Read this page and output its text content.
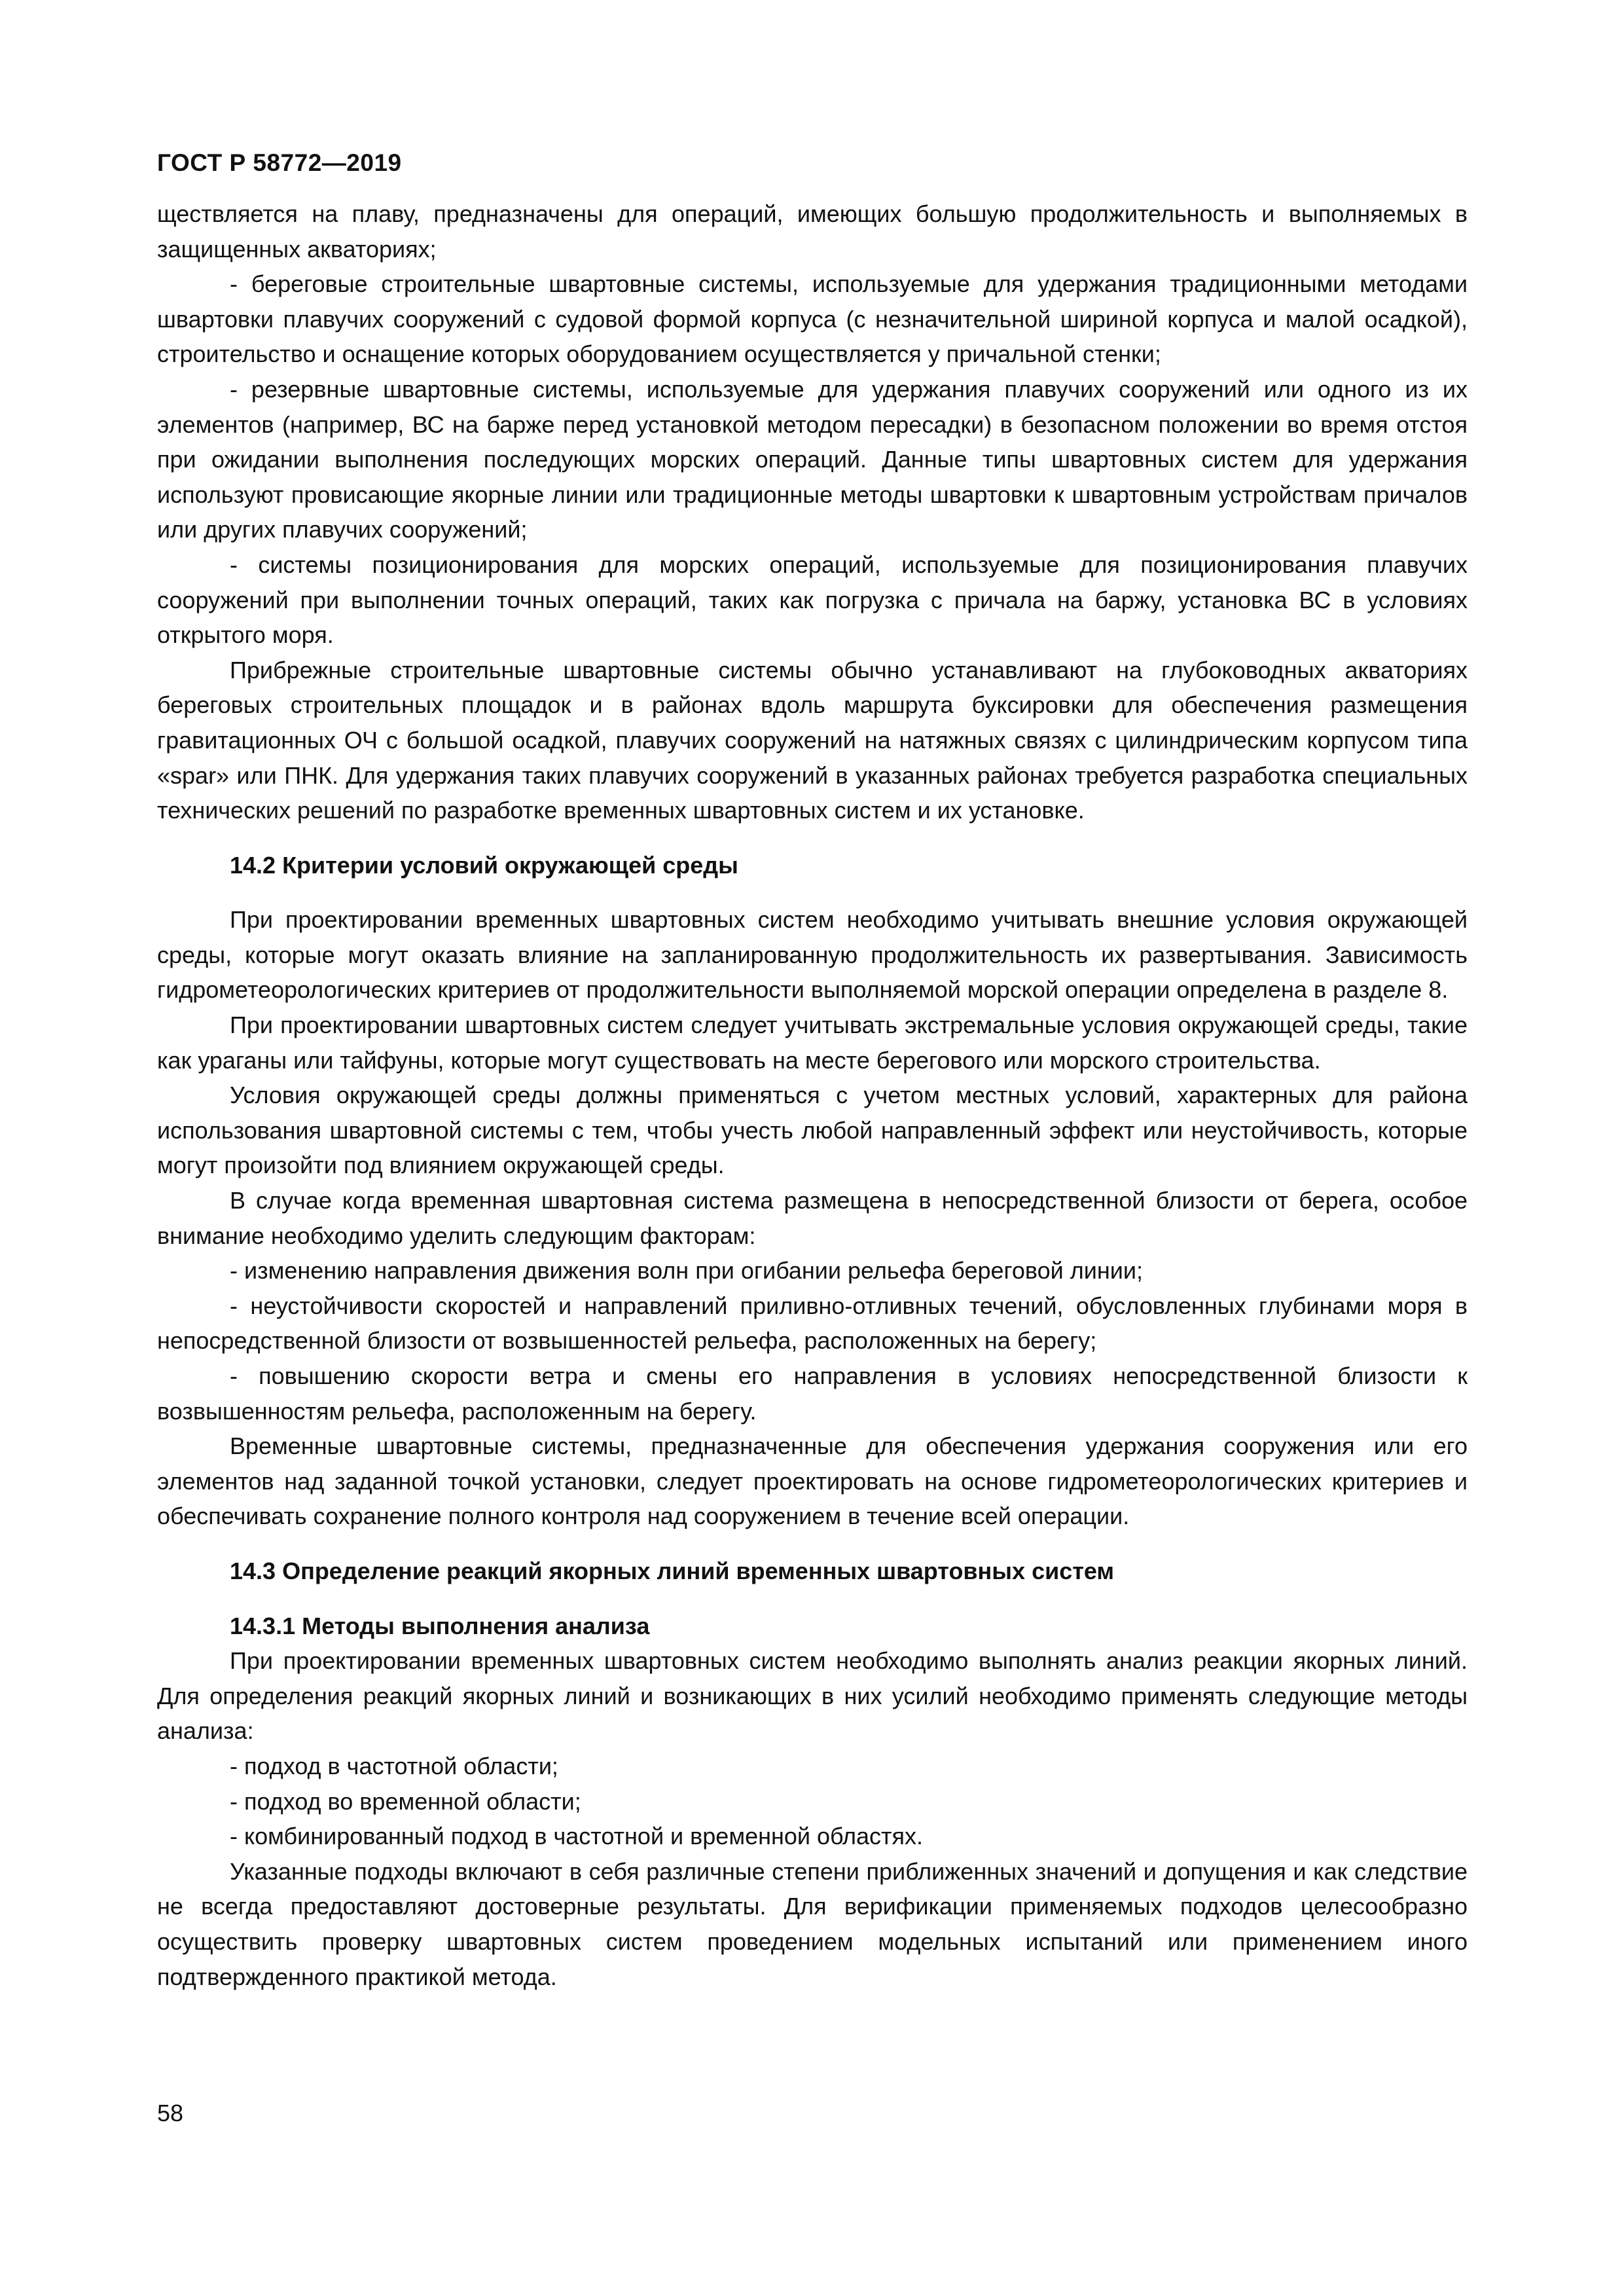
ГОСТ Р 58772—2019

ществляется на плаву, предназначены для операций, имеющих большую продолжительность и выполняемых в защищенных акваториях;

- береговые строительные швартовные системы, используемые для удержания традиционными методами швартовки плавучих сооружений с судовой формой корпуса (с незначительной шириной корпуса и малой осадкой), строительство и оснащение которых оборудованием осуществляется у причальной стенки;

- резервные швартовные системы, используемые для удержания плавучих сооружений или одного из их элементов (например, ВС на барже перед установкой методом пересадки) в безопасном положении во время отстоя при ожидании выполнения последующих морских операций. Данные типы швартовных систем для удержания используют провисающие якорные линии или традиционные методы швартовки к швартовным устройствам причалов или других плавучих сооружений;

- системы позиционирования для морских операций, используемые для позиционирования плавучих сооружений при выполнении точных операций, таких как погрузка с причала на баржу, установка ВС в условиях открытого моря.

Прибрежные строительные швартовные системы обычно устанавливают на глубоководных акваториях береговых строительных площадок и в районах вдоль маршрута буксировки для обеспечения размещения гравитационных ОЧ с большой осадкой, плавучих сооружений на натяжных связях с цилиндрическим корпусом типа «spar» или ПНК. Для удержания таких плавучих сооружений в указанных районах требуется разработка специальных технических решений по разработке временных швартовных систем и их установке.

14.2 Критерии условий окружающей среды

При проектировании временных швартовных систем необходимо учитывать внешние условия окружающей среды, которые могут оказать влияние на запланированную продолжительность их развертывания. Зависимость гидрометеорологических критериев от продолжительности выполняемой морской операции определена в разделе 8.

При проектировании швартовных систем следует учитывать экстремальные условия окружающей среды, такие как ураганы или тайфуны, которые могут существовать на месте берегового или морского строительства.

Условия окружающей среды должны применяться с учетом местных условий, характерных для района использования швартовной системы с тем, чтобы учесть любой направленный эффект или неустойчивость, которые могут произойти под влиянием окружающей среды.

В случае когда временная швартовная система размещена в непосредственной близости от берега, особое внимание необходимо уделить следующим факторам:

- изменению направления движения волн при огибании рельефа береговой линии;

- неустойчивости скоростей и направлений приливно-отливных течений, обусловленных глубинами моря в непосредственной близости от возвышенностей рельефа, расположенных на берегу;

- повышению скорости ветра и смены его направления в условиях непосредственной близости к возвышенностям рельефа, расположенным на берегу.

Временные швартовные системы, предназначенные для обеспечения удержания сооружения или его элементов над заданной точкой установки, следует проектировать на основе гидрометеорологических критериев и обеспечивать сохранение полного контроля над сооружением в течение всей операции.

14.3 Определение реакций якорных линий временных швартовных систем

14.3.1 Методы выполнения анализа

При проектировании временных швартовных систем необходимо выполнять анализ реакции якорных линий. Для определения реакций якорных линий и возникающих в них усилий необходимо применять следующие методы анализа:

- подход в частотной области;

- подход во временной области;

- комбинированный подход в частотной и временной областях.

Указанные подходы включают в себя различные степени приближенных значений и допущения и как следствие не всегда предоставляют достоверные результаты. Для верификации применяемых подходов целесообразно осуществить проверку швартовных систем проведением модельных испытаний или применением иного подтвержденного практикой метода.

58
